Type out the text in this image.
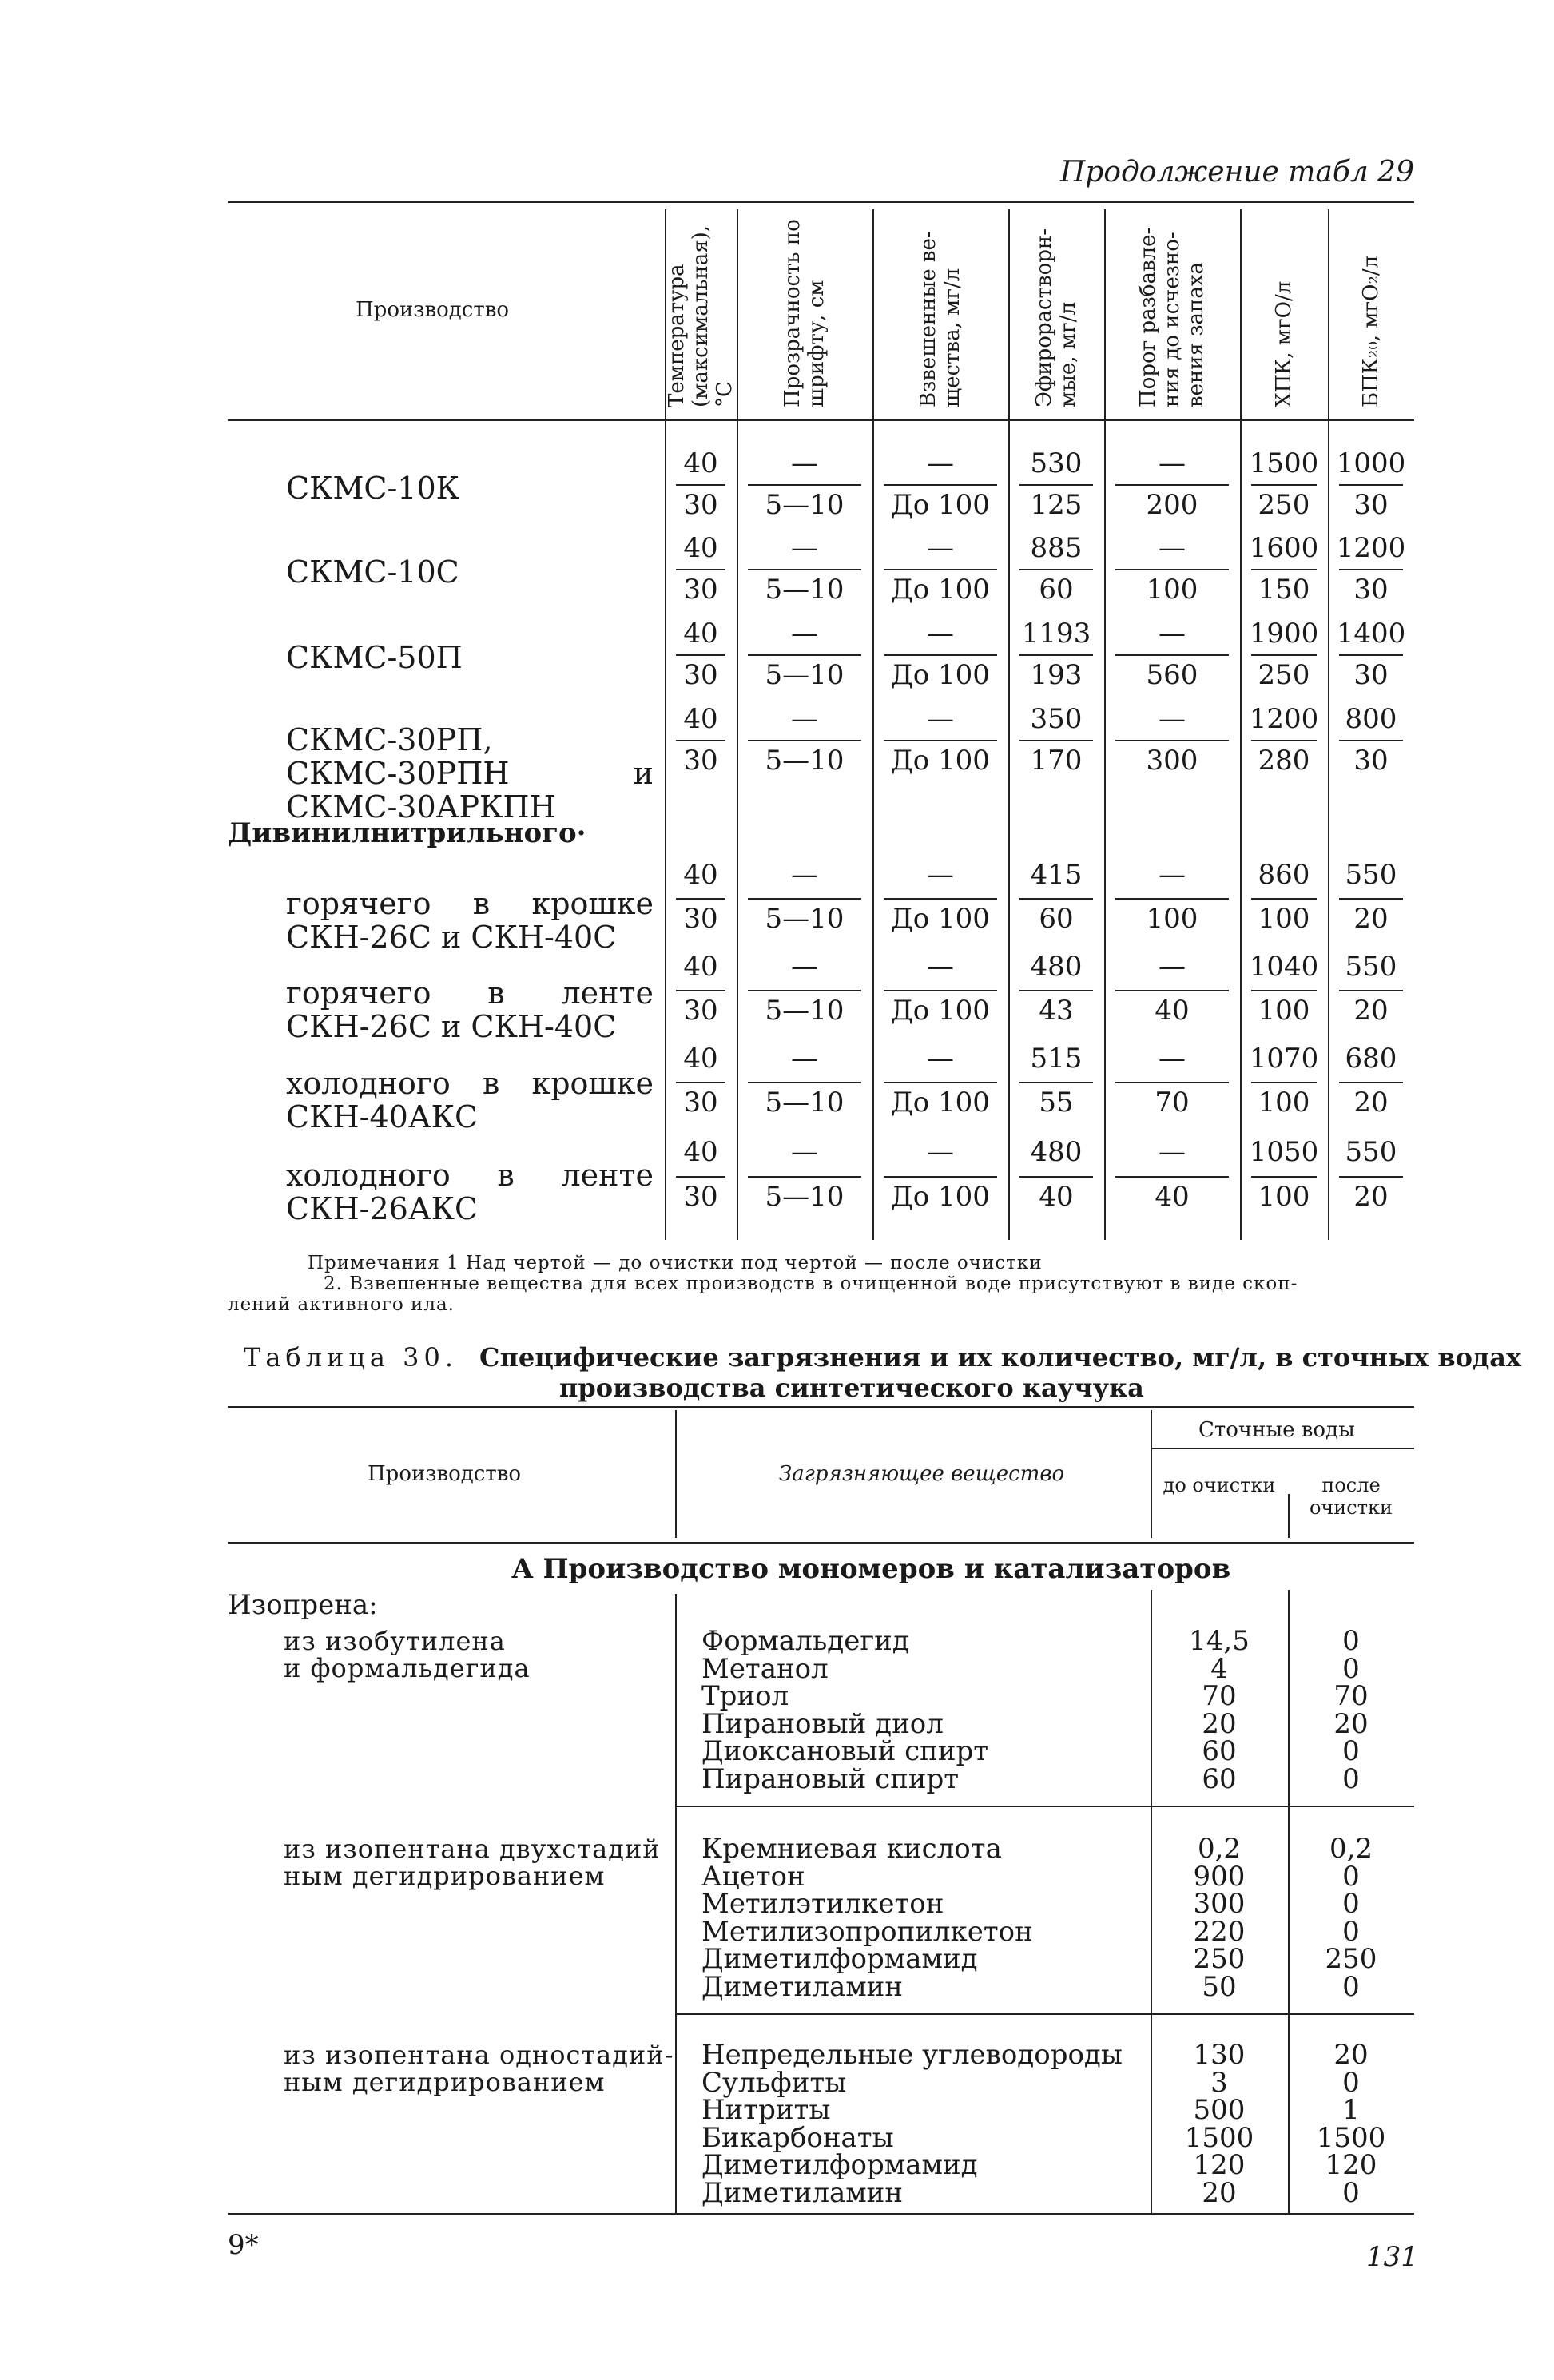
Продолжение табл 29
Примечания 1 Над чертой — до очистки под чертой — после очистки
2. Взвешенные вещества для всех производств в очищенной воде присутствуют в виде скоп-
лений активного ила.
Таблица 30. Специфические загрязнения и их количество, мг/л, в сточных водах
производства синтетического каучука
9*	131
Производство	Температура (максимальная), °С	Прозрачность по шрифту, см	Взвешенные ве-
щества, мг/л	Эфирорастворн-
мые, мг/л
Порог разбавле-
ния до исчезно-
вения запаха	ХПК, мгО/л	БПК₂₀, мгО₂/л
СКМС-10К
40	—	—	530	—	1500 1000
30	5—10	До 100	125	200	250	30
СКМС-10С
40	—	—	885	—	1600 1200
30	5—10	До 100	60	100	150	30
СКМС-50П
40	—	—	1193	—	1900 1400
30	5—10	До 100	193	560	250	30
СКМС-30РП, СКМС-30РПН и СКМС-30АРКПН
40	—	—	350	—	1200 800
30	5—10	До 100	170	300	280	30
горячего в крошке СКН-26С и СКН-40С
40	—	—	415	—	860	550
30	5—10	До 100	60	100	100	20
горячего в ленте СКН-26С и СКН-40С
40	—	—	480	—	1040 550
30	5—10	До 100	43	40	100	20
холодного в крошке СКН-40АКС
40	—	—	515	—	1070 680
30	5—10	До 100	55	70	100	20
холодного в ленте СКН-26АКС
40	—	—	480	—	1050 550
30	5—10	До 100	40	40	100	20
Дивинилнитрильного·
Производство	Загрязняющее вещество
Сточные воды
до очистки	после очистки
А Производство мономеров и катализаторов
Изопрена:
из изобутилена
и формальдегида
Формальдегид	14,5	0
Метанол	4	0
Триол	70	70
Пирановый диол	20	20
Диоксановый спирт	60	0
Пирановый спирт	60	0
из изопентана двухстадий
ным дегидрированием
Кремниевая кислота	0,2	0,2
Ацетон	900	0
Метилэтилкетон	300	0
Метилизопропилкетон	220	0
Диметилформамид	250	250
Диметиламин	50	0
из изопентана одностадий-
ным дегидрированием
Непредельные углеводороды	130	20
Сульфиты	3	0
Нитриты	500	1
Бикарбонаты	1500	1500
Диметилформамид	120	120
Диметиламин	20	0
